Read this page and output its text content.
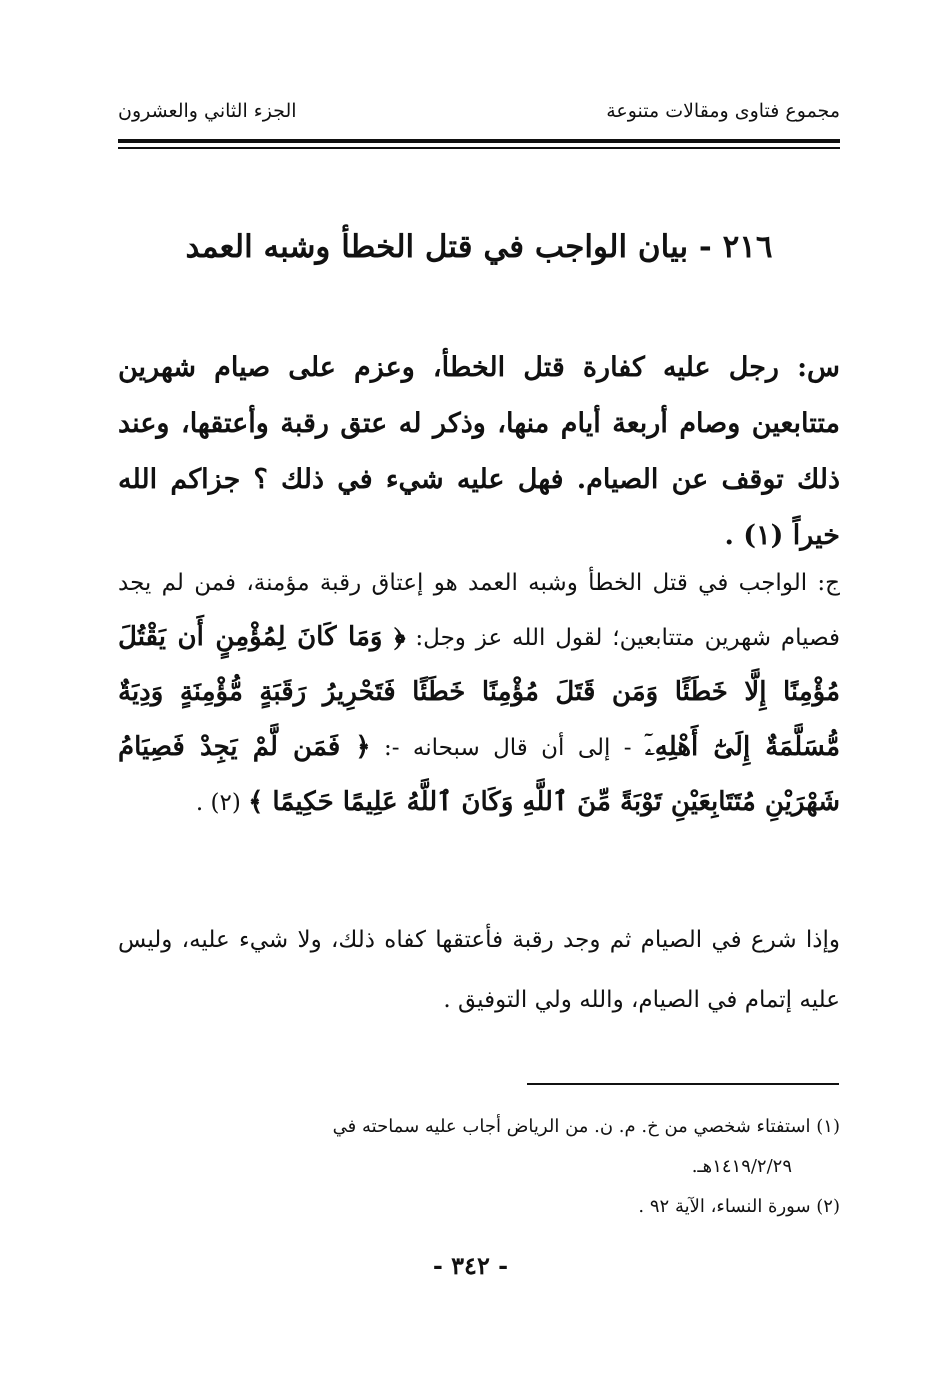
مجموع فتاوى ومقالات متنوعة
الجزء الثاني والعشرون
٢١٦ - بيان الواجب في قتل الخطأ وشبه العمد
س: رجل عليه كفارة قتل الخطأ، وعزم على صيام شهرين متتابعين وصام أربعة أيام منها، وذكر له عتق رقبة وأعتقها، وعند ذلك توقف عن الصيام. فهل عليه شيء في ذلك ؟ جزاكم الله خيراً (١) .
ج: الواجب في قتل الخطأ وشبه العمد هو إعتاق رقبة مؤمنة، فمن لم يجد فصيام شهرين متتابعين؛ لقول الله عز وجل: ﴿ وَمَا كَانَ لِمُؤْمِنٍ أَن يَقْتُلَ مُؤْمِنًا إِلَّا خَطَئًا وَمَن قَتَلَ مُؤْمِنًا خَطَئًا فَتَحْرِيرُ رَقَبَةٍ مُّؤْمِنَةٍ وَدِيَةٌ مُّسَلَّمَةٌ إِلَىٰٓ أَهْلِهِۦٓ - إلى أن قال سبحانه -: ﴿ فَمَن لَّمْ يَجِدْ فَصِيَامُ شَهْرَيْنِ مُتَتَابِعَيْنِ تَوْبَةً مِّنَ ٱللَّهِ وَكَانَ ٱللَّهُ عَلِيمًا حَكِيمًا ﴾ (٢) .
وإذا شرع في الصيام ثم وجد رقبة فأعتقها كفاه ذلك، ولا شيء عليه، وليس عليه إتمام في الصيام، والله ولي التوفيق .
(١) استفتاء شخصي من خ. م. ن. من الرياض أجاب عليه سماحته في
١٤١٩/٢/٢٩هـ.
(٢) سورة النساء، الآية ٩٢ .
- ٣٤٢ -
